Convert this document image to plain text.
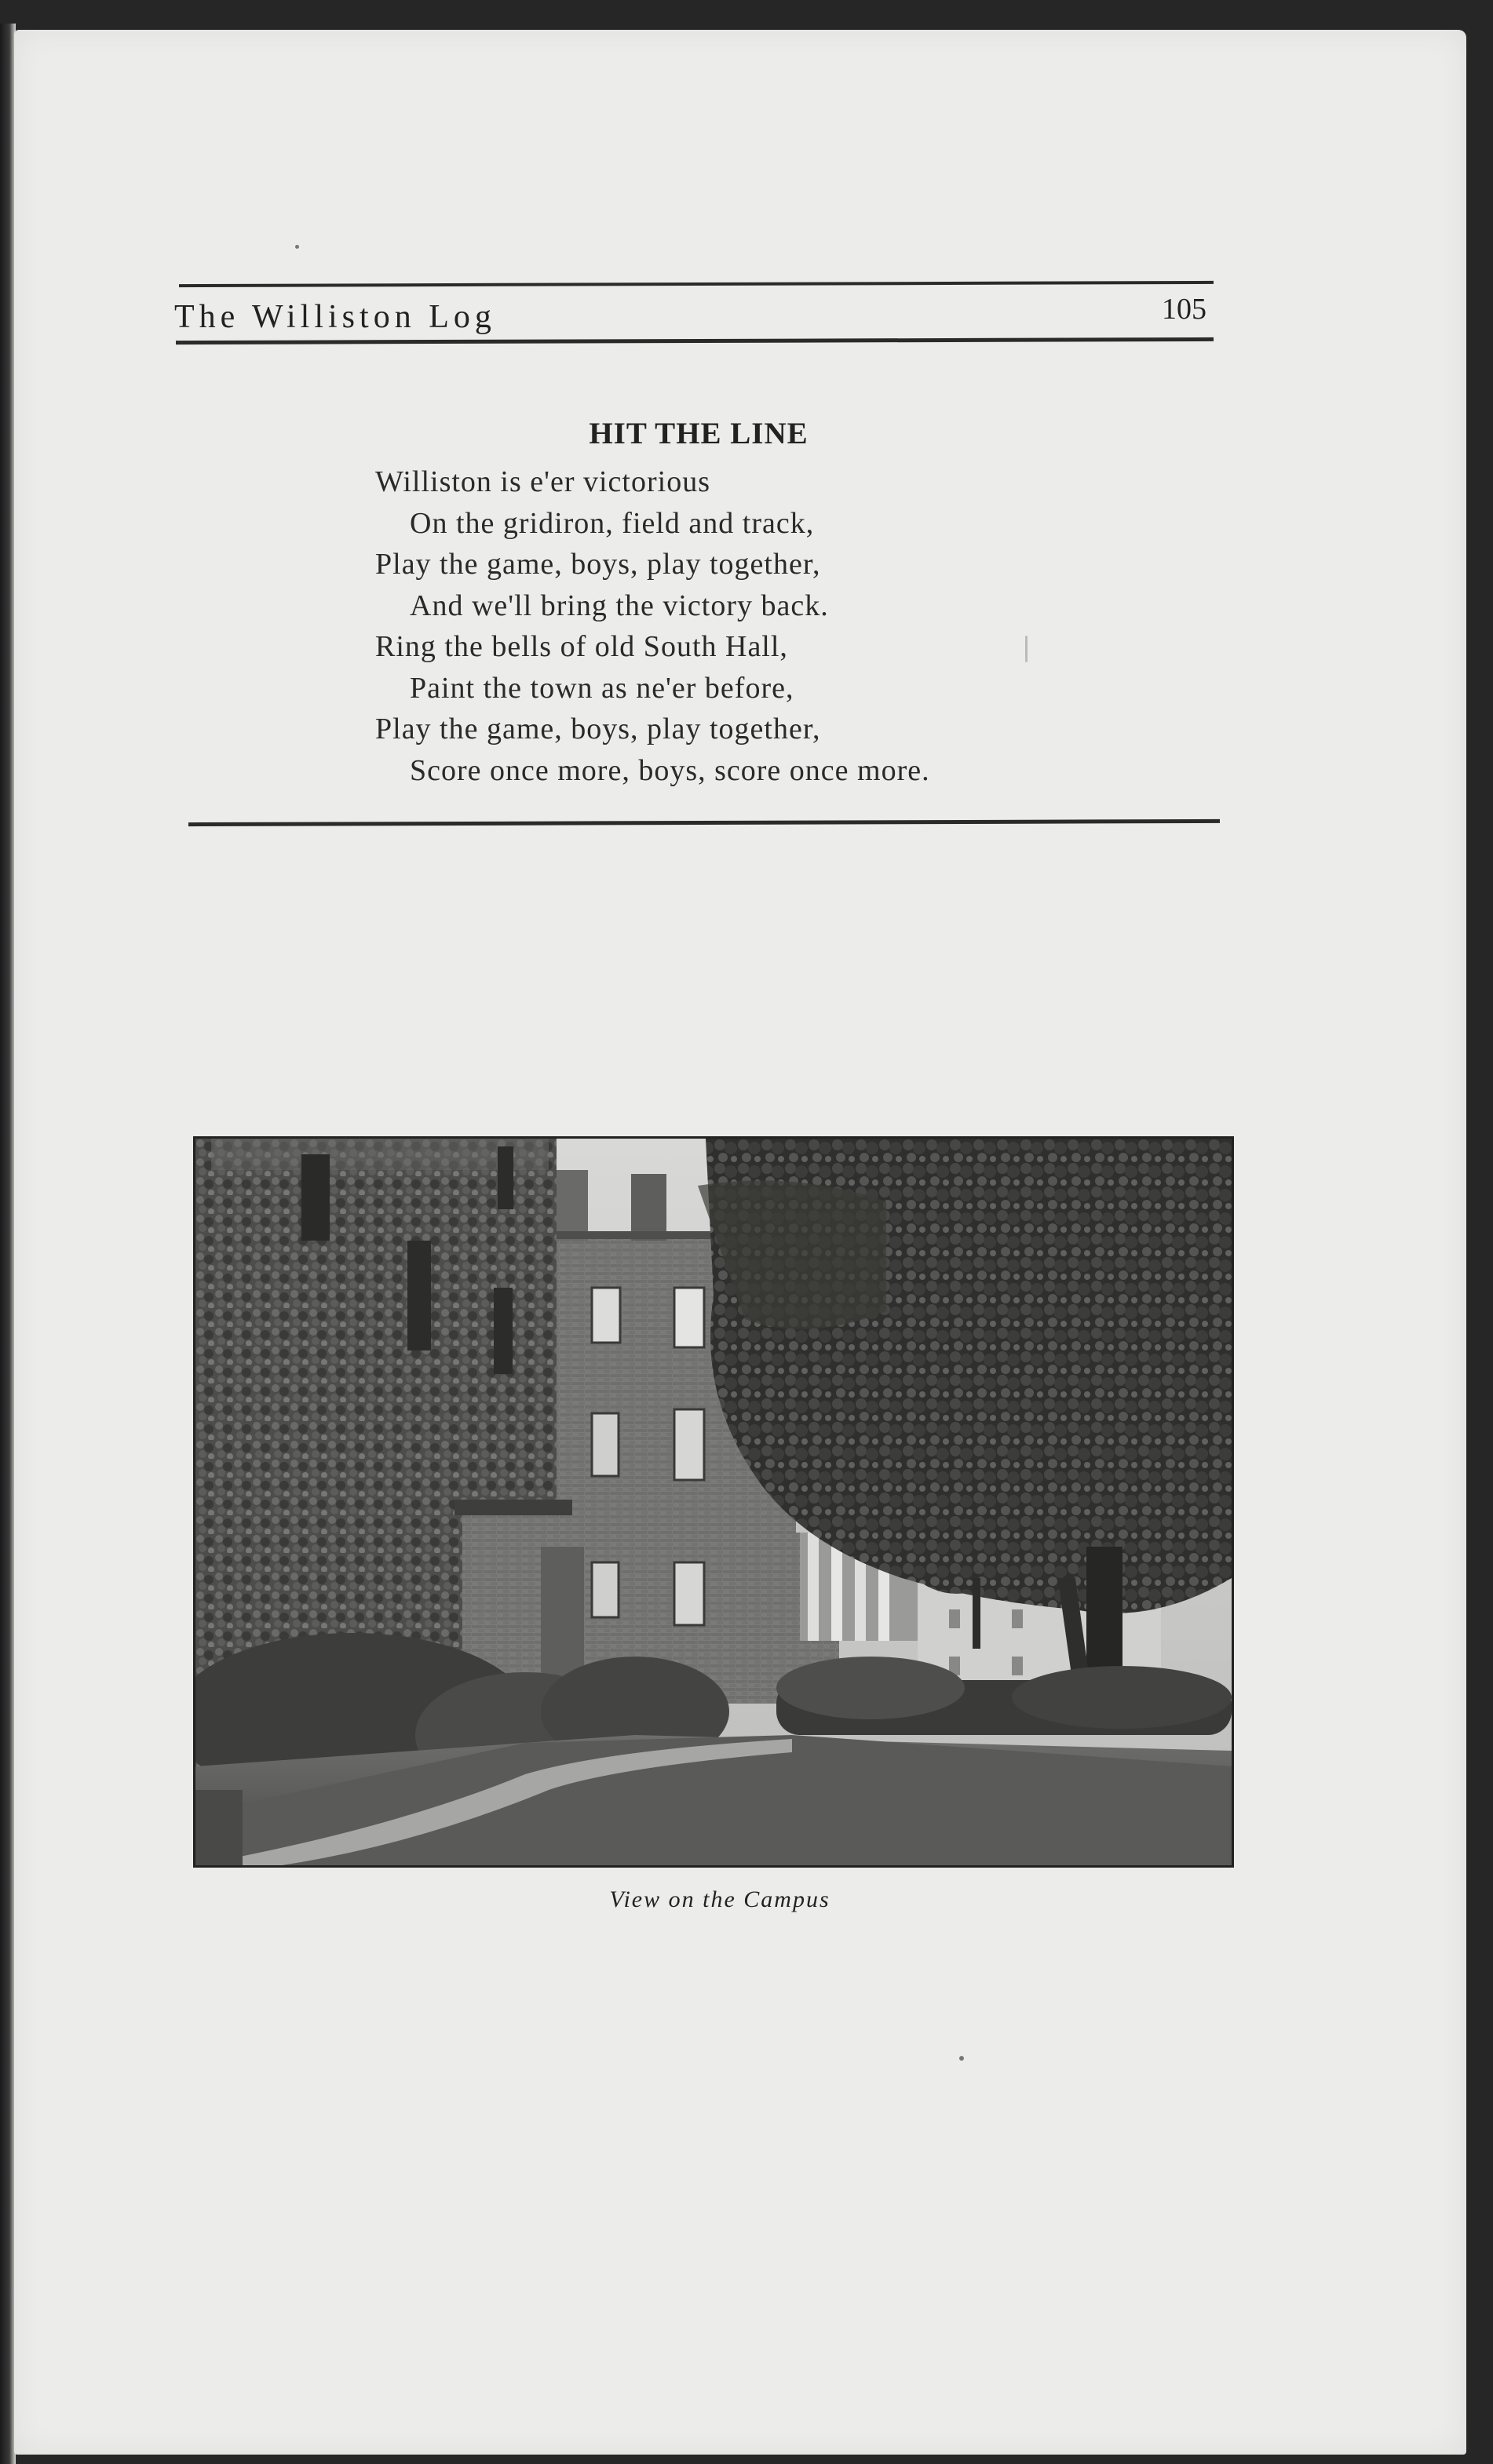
The Williston Log	105
HIT THE LINE
Williston is e'er victorious
On the gridiron, field and track,
Play the game, boys, play together,
And we'll bring the victory back.
Ring the bells of old South Hall,
Paint the town as ne'er before,
Play the game, boys, play together,
Score once more, boys, score once more.
View on the Campus
